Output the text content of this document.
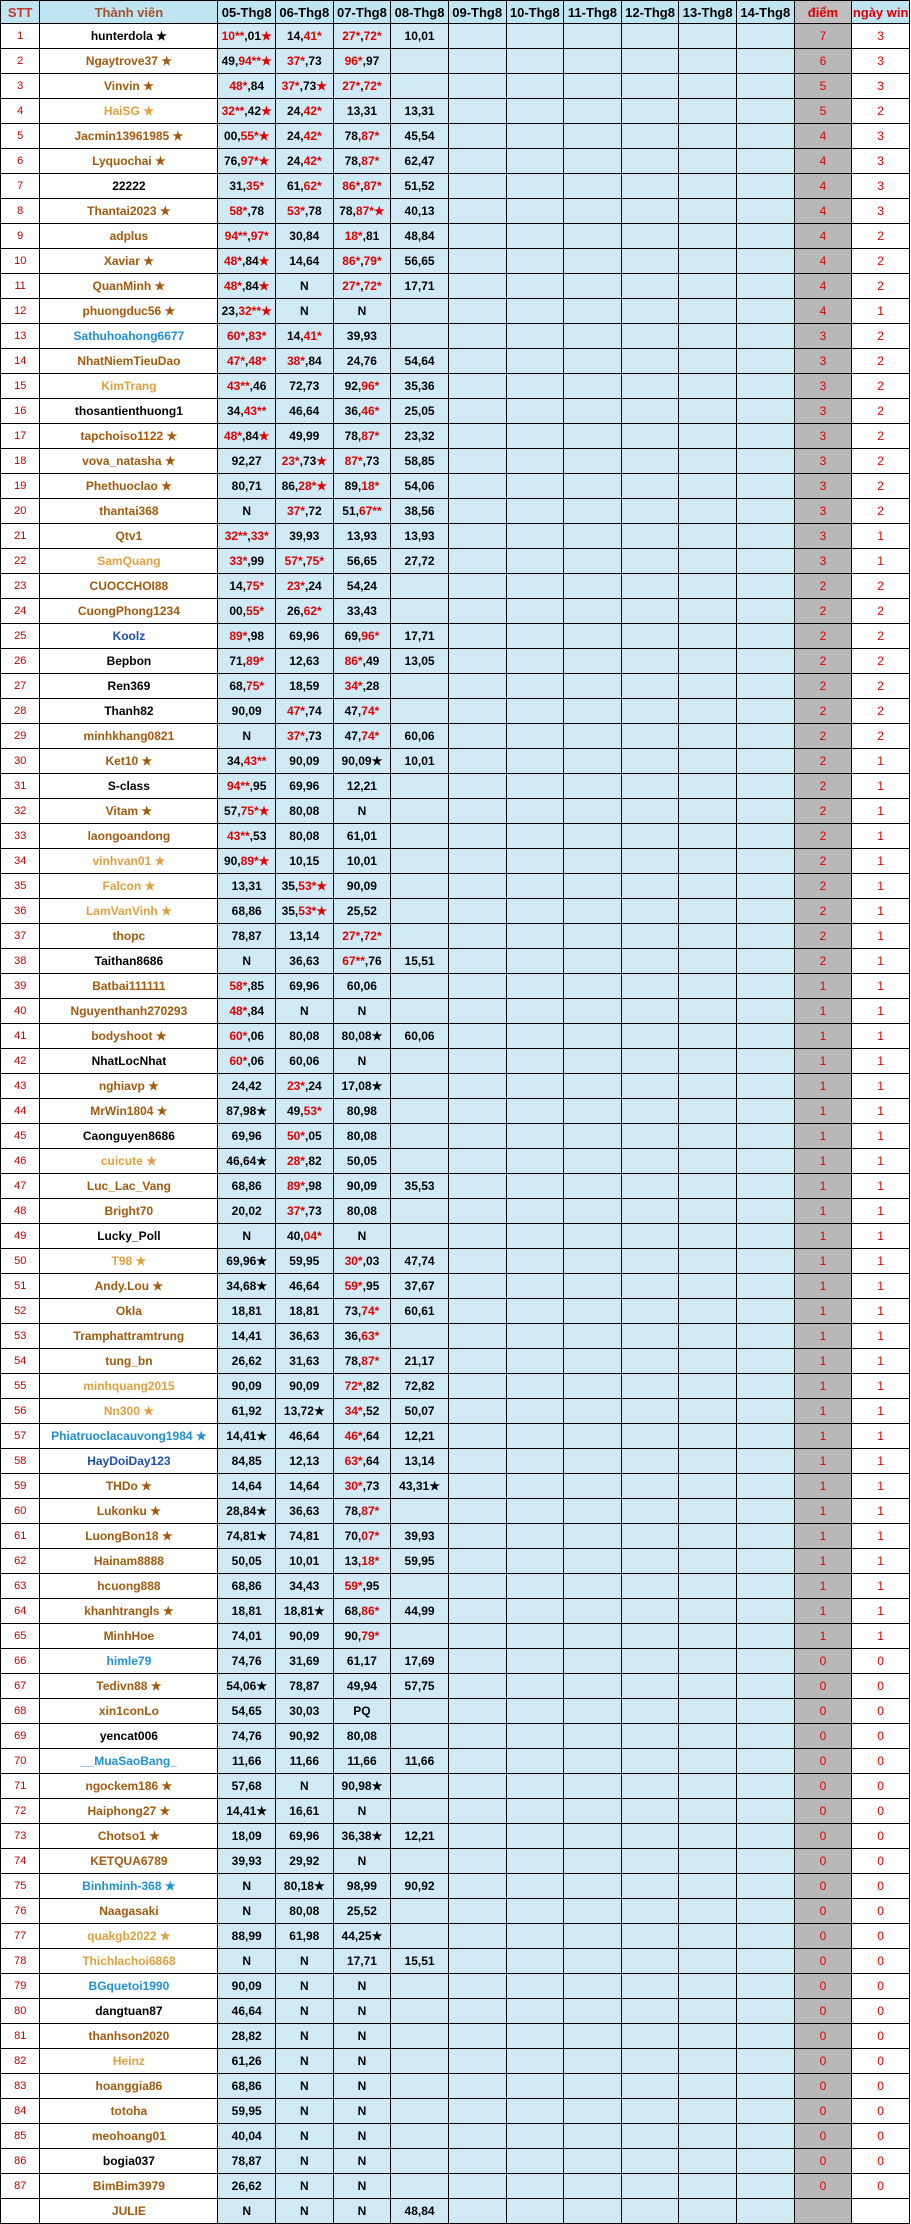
STT	Thành viên	05-Thg8	06-Thg8	07-Thg8	08-Thg8	09-Thg8	10-Thg8	11-Thg8	12-Thg8	13-Thg8	14-Thg8	điểm	ngày win
1	hunterdola ★	10**,01★	14,41*	27*,72*	10,01							7	3
2	Ngaytrove37 ★	49,94**★	37*,73	96*,97								6	3
3	Vinvin ★	48*,84	37*,73★	27*,72*								5	3
4	HaiSG ★	32**,42★	24,42*	13,31	13,31							5	2
5	Jacmin13961985 ★	00,55*★	24,42*	78,87*	45,54							4	3
6	Lyquochai ★	76,97*★	24,42*	78,87*	62,47							4	3
7	22222	31,35*	61,62*	86*,87*	51,52							4	3
8	Thantai2023 ★	58*,78	53*,78	78,87*★	40,13							4	3
9	adplus	94**,97*	30,84	18*,81	48,84							4	2
10	Xaviar ★	48*,84★	14,64	86*,79*	56,65							4	2
11	QuanMinh ★	48*,84★	N	27*,72*	17,71							4	2
12	phuongduc56 ★	23,32**★	N	N								4	1
13	Sathuhoahong6677	60*,83*	14,41*	39,93								3	2
14	NhatNiemTieuDao	47*,48*	38*,84	24,76	54,64							3	2
15	KimTrang	43**,46	72,73	92,96*	35,36							3	2
16	thosantienthuong1	34,43**	46,64	36,46*	25,05							3	2
17	tapchoiso1122 ★	48*,84★	49,99	78,87*	23,32							3	2
18	vova_natasha ★	92,27	23*,73★	87*,73	58,85							3	2
19	Phethuoclao ★	80,71	86,28*★	89,18*	54,06							3	2
20	thantai368	N	37*,72	51,67**	38,56							3	2
21	Qtv1	32**,33*	39,93	13,93	13,93							3	1
22	SamQuang	33*,99	57*,75*	56,65	27,72							3	1
23	CUOCCHOI88	14,75*	23*,24	54,24								2	2
24	CuongPhong1234	00,55*	26,62*	33,43								2	2
25	Koolz	89*,98	69,96	69,96*	17,71							2	2
26	Bepbon	71,89*	12,63	86*,49	13,05							2	2
27	Ren369	68,75*	18,59	34*,28								2	2
28	Thanh82	90,09	47*,74	47,74*								2	2
29	minhkhang0821	N	37*,73	47,74*	60,06							2	2
30	Ket10 ★	34,43**	90,09	90,09★	10,01							2	1
31	S-class	94**,95	69,96	12,21								2	1
32	Vitam ★	57,75*★	80,08	N								2	1
33	laongoandong	43**,53	80,08	61,01								2	1
34	vinhvan01 ★	90,89*★	10,15	10,01								2	1
35	Falcon ★	13,31	35,53*★	90,09								2	1
36	LamVanVinh ★	68,86	35,53*★	25,52								2	1
37	thopc	78,87	13,14	27*,72*								2	1
38	Taithan8686	N	36,63	67**,76	15,51							2	1
39	Batbai111111	58*,85	69,96	60,06								1	1
40	Nguyenthanh270293	48*,84	N	N								1	1
41	bodyshoot ★	60*,06	80,08	80,08★	60,06							1	1
42	NhatLocNhat	60*,06	60,06	N								1	1
43	nghiavp ★	24,42	23*,24	17,08★								1	1
44	MrWin1804 ★	87,98★	49,53*	80,98								1	1
45	Caonguyen8686	69,96	50*,05	80,08								1	1
46	cuicute ★	46,64★	28*,82	50,05								1	1
47	Luc_Lac_Vang	68,86	89*,98	90,09	35,53							1	1
48	Bright70	20,02	37*,73	80,08								1	1
49	Lucky_Poll	N	40,04*	N								1	1
50	T98 ★	69,96★	59,95	30*,03	47,74							1	1
51	Andy.Lou ★	34,68★	46,64	59*,95	37,67							1	1
52	Okla	18,81	18,81	73,74*	60,61							1	1
53	Tramphattramtrung	14,41	36,63	36,63*								1	1
54	tung_bn	26,62	31,63	78,87*	21,17							1	1
55	minhquang2015	90,09	90,09	72*,82	72,82							1	1
56	Nn300 ★	61,92	13,72★	34*,52	50,07							1	1
57	Phiatruoclacauvong1984 ★	14,41★	46,64	46*,64	12,21							1	1
58	HayDoiDay123	84,85	12,13	63*,64	13,14							1	1
59	THDo ★	14,64	14,64	30*,73	43,31★							1	1
60	Lukonku ★	28,84★	36,63	78,87*								1	1
61	LuongBon18 ★	74,81★	74,81	70,07*	39,93							1	1
62	Hainam8888	50,05	10,01	13,18*	59,95							1	1
63	hcuong888	68,86	34,43	59*,95								1	1
64	khanhtrangls ★	18,81	18,81★	68,86*	44,99							1	1
65	MinhHoe	74,01	90,09	90,79*								1	1
66	himle79	74,76	31,69	61,17	17,69							0	0
67	Tedivn88 ★	54,06★	78,87	49,94	57,75							0	0
68	xin1conLo	54,65	30,03	PQ								0	0
69	yencat006	74,76	90,92	80,08								0	0
70	__MuaSaoBang_	11,66	11,66	11,66	11,66							0	0
71	ngockem186 ★	57,68	N	90,98★								0	0
72	Haiphong27 ★	14,41★	16,61	N								0	0
73	Chotso1 ★	18,09	69,96	36,38★	12,21							0	0
74	KETQUA6789	39,93	29,92	N								0	0
75	Binhminh-368 ★	N	80,18★	98,99	90,92							0	0
76	Naagasaki	N	80,08	25,52								0	0
77	quakgb2022 ★	88,99	61,98	44,25★								0	0
78	Thichlachoi6868	N	N	17,71	15,51							0	0
79	BGquetoi1990	90,09	N	N								0	0
80	dangtuan87	46,64	N	N								0	0
81	thanhson2020	28,82	N	N								0	0
82	Heinz	61,26	N	N								0	0
83	hoanggia86	68,86	N	N								0	0
84	totoha	59,95	N	N								0	0
85	meohoang01	40,04	N	N								0	0
86	bogia037	78,87	N	N								0	0
87	BimBim3979	26,62	N	N								0	0
	JULIE	N	N	N	48,84								
